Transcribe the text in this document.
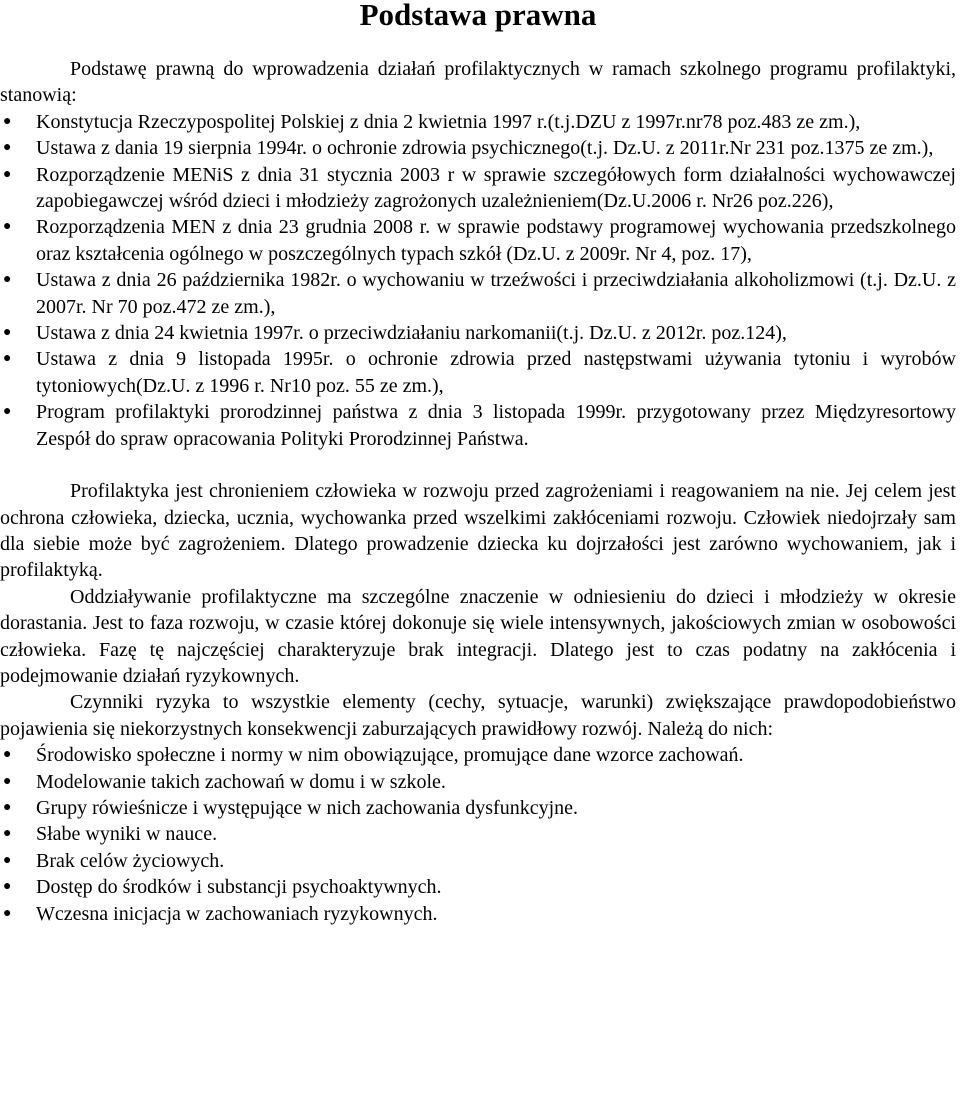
Podstawa prawna

Podstawę prawną do wprowadzenia działań profilaktycznych w ramach szkolnego programu profilaktyki, stanowią:

● Konstytucja Rzeczypospolitej Polskiej z dnia 2 kwietnia 1997 r.(t.j.DZU z 1997r.nr78 poz.483 ze zm.),
● Ustawa z dania 19 sierpnia 1994r. o ochronie zdrowia psychicznego(t.j. Dz.U. z 2011r.Nr 231 poz.1375 ze zm.),
● Rozporządzenie MENiS z dnia 31 stycznia 2003 r w sprawie szczegółowych form działalności wychowawczej zapobiegawczej wśród dzieci i młodzieży zagrożonych uzależnieniem(Dz.U.2006 r. Nr26 poz.226),
● Rozporządzenia MEN z dnia 23 grudnia 2008 r. w sprawie podstawy programowej wychowania przedszkolnego oraz kształcenia ogólnego w poszczególnych typach szkół (Dz.U. z 2009r. Nr 4, poz. 17),
● Ustawa z dnia 26 października 1982r. o wychowaniu w trzeźwości i przeciwdziałania alkoholizmowi (t.j. Dz.U. z 2007r. Nr 70 poz.472 ze zm.),
● Ustawa z dnia 24 kwietnia 1997r. o przeciwdziałaniu narkomanii(t.j. Dz.U. z 2012r. poz.124),
● Ustawa z dnia 9 listopada 1995r. o ochronie zdrowia przed następstwami używania tytoniu i wyrobów tytoniowych(Dz.U. z 1996 r. Nr10 poz. 55 ze zm.),
● Program profilaktyki prorodzinnej państwa z dnia 3 listopada 1999r. przygotowany przez Międzyresortowy Zespół do spraw opracowania Polityki Prorodzinnej Państwa.

Profilaktyka jest chronieniem człowieka w rozwoju przed zagrożeniami i reagowaniem na nie. Jej celem jest ochrona człowieka, dziecka, ucznia, wychowanka przed wszelkimi zakłóceniami rozwoju. Człowiek niedojrzały sam dla siebie może być zagrożeniem. Dlatego prowadzenie dziecka ku dojrzałości jest zarówno wychowaniem, jak i profilaktyką.

Oddziaływanie profilaktyczne ma szczególne znaczenie w odniesieniu do dzieci i młodzieży w okresie dorastania. Jest to faza rozwoju, w czasie której dokonuje się wiele intensywnych, jakościowych zmian w osobowości człowieka. Fazę tę najczęściej charakteryzuje brak integracji. Dlatego jest to czas podatny na zakłócenia i podejmowanie działań ryzykownych.

Czynniki ryzyka to wszystkie elementy (cechy, sytuacje, warunki) zwiększające prawdopodobieństwo pojawienia się niekorzystnych konsekwencji zaburzających prawidłowy rozwój. Należą do nich:

● Środowisko społeczne i normy w nim obowiązujące, promujące dane wzorce zachowań.
● Modelowanie takich zachowań w domu i w szkole.
● Grupy rówieśnicze i występujące w nich zachowania dysfunkcyjne.
● Słabe wyniki w nauce.
● Brak celów życiowych.
● Dostęp do środków i substancji psychoaktywnych.
● Wczesna inicjacja w zachowaniach ryzykownych.
